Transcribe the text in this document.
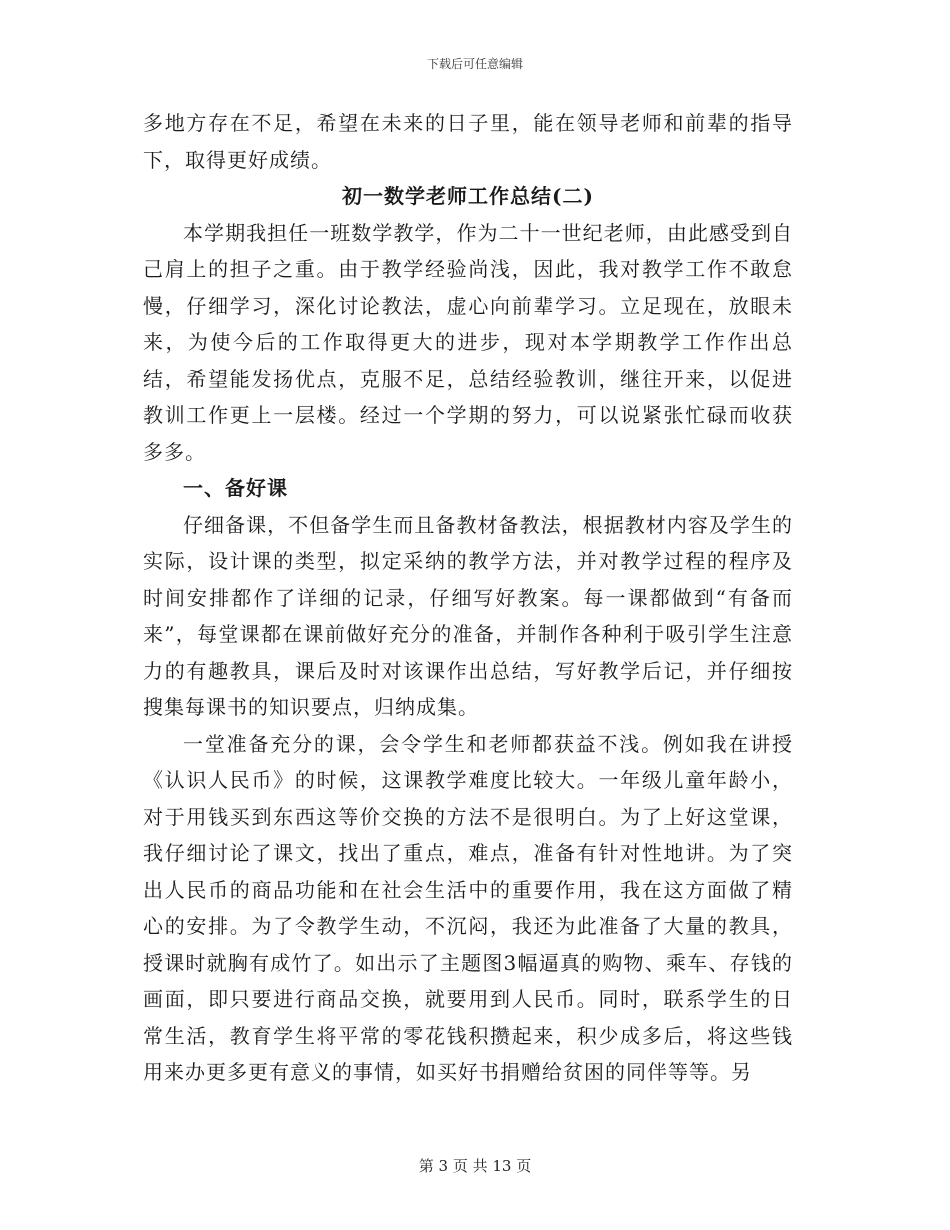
下载后可任意编辑

多地方存在不足，希望在未来的日子里，能在领导老师和前辈的指导下，取得更好成绩。

初一数学老师工作总结(二)

本学期我担任一班数学教学，作为二十一世纪老师，由此感受到自己肩上的担子之重。由于教学经验尚浅，因此，我对教学工作不敢怠慢，仔细学习，深化讨论教法，虚心向前辈学习。立足现在，放眼未来，为使今后的工作取得更大的进步，现对本学期教学工作作出总结，希望能发扬优点，克服不足，总结经验教训，继往开来，以促进教训工作更上一层楼。经过一个学期的努力，可以说紧张忙碌而收获多多。

一、备好课

仔细备课，不但备学生而且备教材备教法，根据教材内容及学生的实际，设计课的类型，拟定采纳的教学方法，并对教学过程的程序及时间安排都作了详细的记录，仔细写好教案。每一课都做到“有备而来”，每堂课都在课前做好充分的准备，并制作各种利于吸引学生注意力的有趣教具，课后及时对该课作出总结，写好教学后记，并仔细按搜集每课书的知识要点，归纳成集。

一堂准备充分的课，会令学生和老师都获益不浅。例如我在讲授《认识人民币》的时候，这课教学难度比较大。一年级儿童年龄小，对于用钱买到东西这等价交换的方法不是很明白。为了上好这堂课，我仔细讨论了课文，找出了重点，难点，准备有针对性地讲。为了突出人民币的商品功能和在社会生活中的重要作用，我在这方面做了精心的安排。为了令教学生动，不沉闷，我还为此准备了大量的教具，授课时就胸有成竹了。如出示了主题图3幅逼真的购物、乘车、存钱的画面，即只要进行商品交换，就要用到人民币。同时，联系学生的日常生活，教育学生将平常的零花钱积攒起来，积少成多后，将这些钱用来办更多更有意义的事情，如买好书捐赠给贫困的同伴等等。另

第 3 页 共 13 页
